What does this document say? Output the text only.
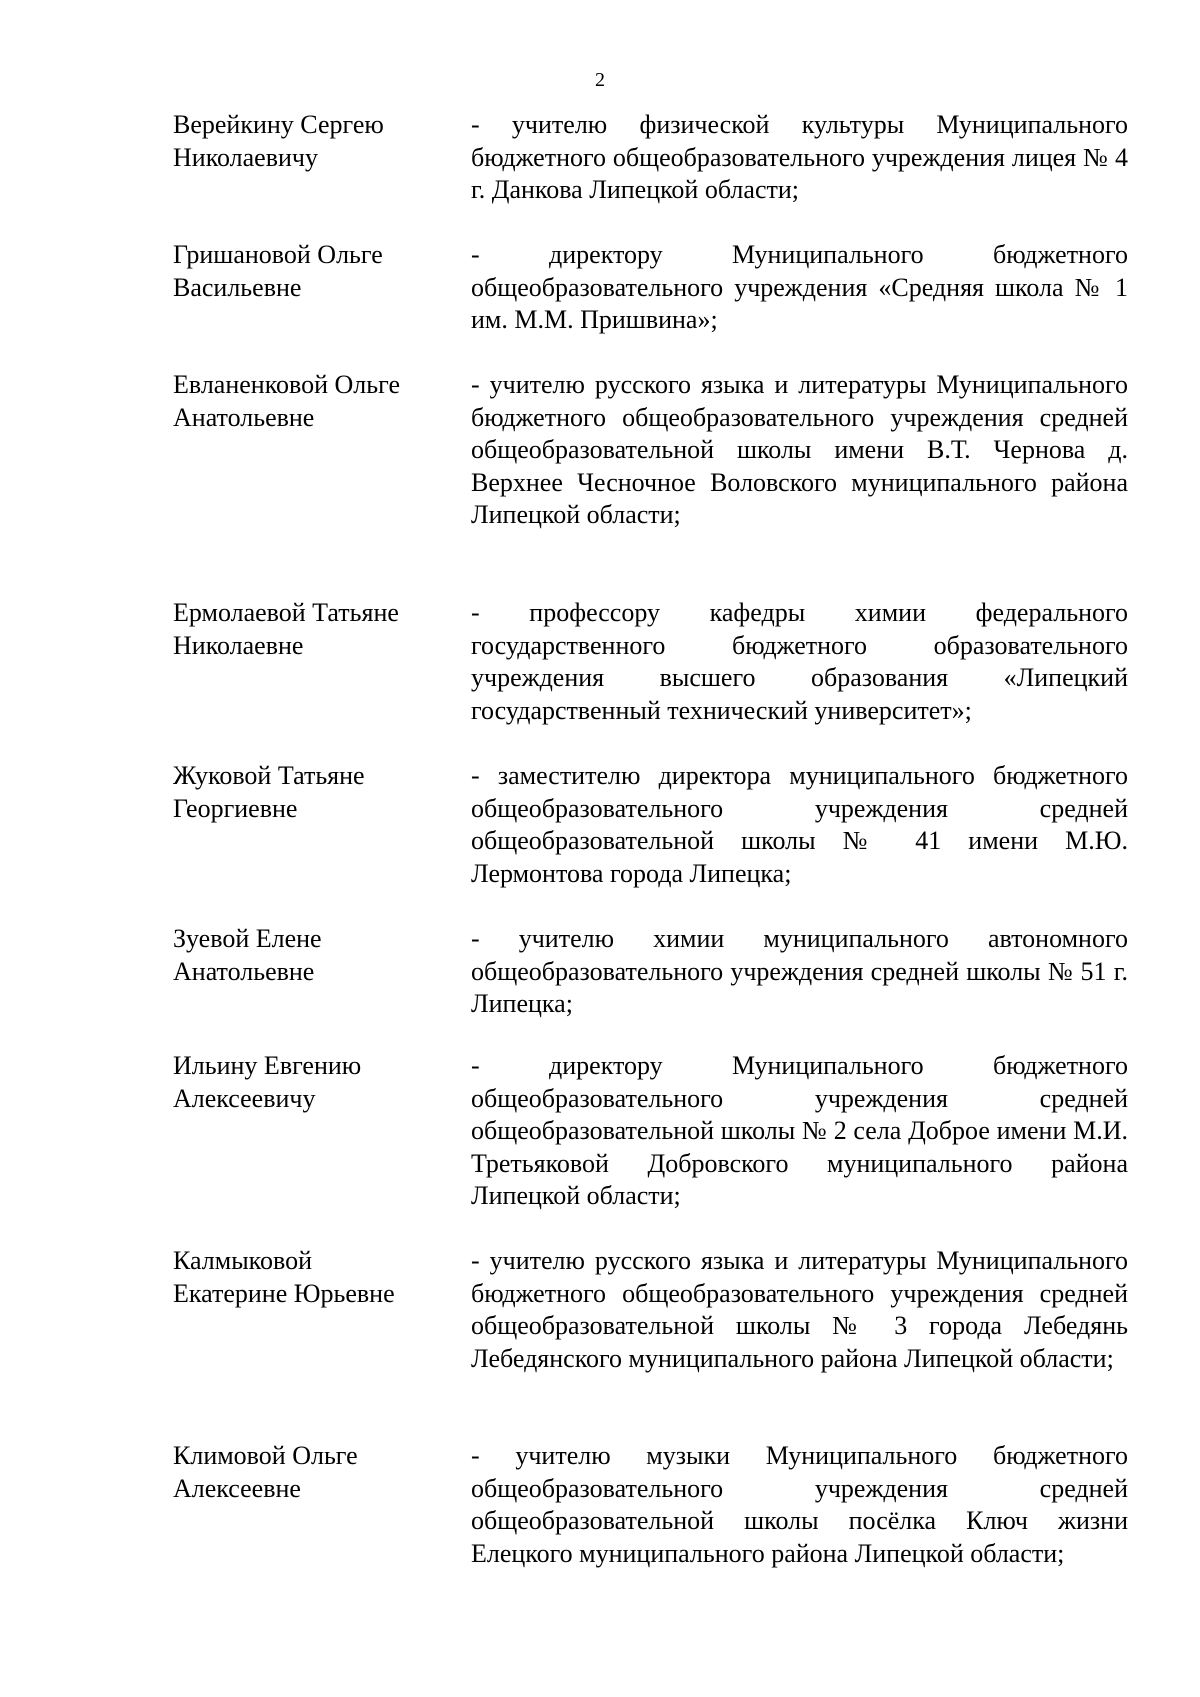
2
Верейкину Сергею
Николаевичу
- учителю физической культуры Муниципального бюджетного общеобразовательного учреждения лицея № 4 г. Данкова Липецкой области;
Гришановой Ольге
Васильевне
- директору Муниципального бюджетного общеобразовательного учреждения «Средняя школа № 1 им. М.М. Пришвина»;
Евланенковой Ольге
Анатольевне
- учителю русского языка и литературы Муниципального бюджетного общеобразовательного учреждения средней общеобразовательной школы имени В.Т. Чернова д. Верхнее Чесночное Воловского муниципального района Липецкой области;
Ермолаевой Татьяне
Николаевне
- профессору кафедры химии федерального государственного бюджетного образовательного учреждения высшего образования «Липецкий государственный технический университет»;
Жуковой Татьяне
Георгиевне
- заместителю директора муниципального бюджетного общеобразовательного учреждения средней общеобразовательной школы № 41 имени М.Ю. Лермонтова города Липецка;
Зуевой Елене
Анатольевне
- учителю химии муниципального автономного общеобразовательного учреждения средней школы № 51 г. Липецка;
Ильину Евгению
Алексеевичу
- директору Муниципального бюджетного общеобразовательного учреждения средней общеобразовательной школы № 2 села Доброе имени М.И. Третьяковой Добровского муниципального района Липецкой области;
Калмыковой
Екатерине Юрьевне
- учителю русского языка и литературы Муниципального бюджетного общеобразовательного учреждения средней общеобразовательной школы № 3 города Лебедянь Лебедянского муниципального района Липецкой области;
Климовой Ольге
Алексеевне
- учителю музыки Муниципального бюджетного общеобразовательного учреждения средней общеобразовательной школы посёлка Ключ жизни Елецкого муниципального района Липецкой области;
